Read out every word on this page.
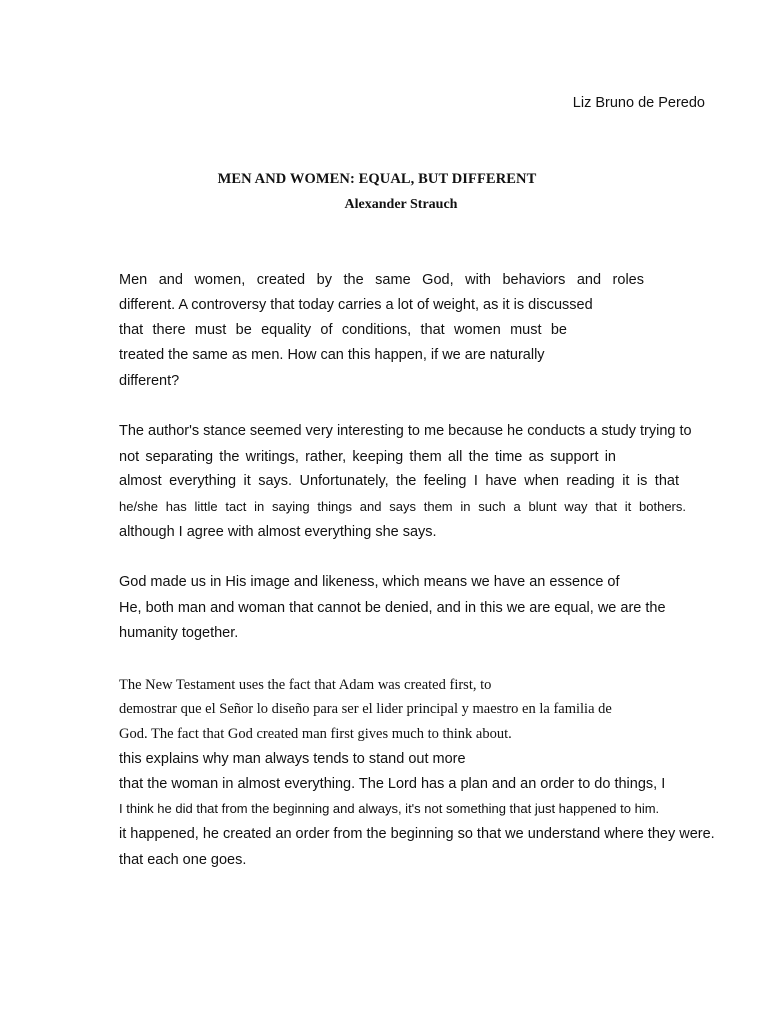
Liz Bruno de Peredo
MEN AND WOMEN: EQUAL, BUT DIFFERENT
Alexander Strauch
Men and women, created by the same God, with behaviors and roles
different. A controversy that today carries a lot of weight, as it is discussed
that there must be equality of conditions, that women must be
treated the same as men. How can this happen, if we are naturally
different?
The author's stance seemed very interesting to me because he conducts a study trying to
not separating the writings, rather, keeping them all the time as support in
almost everything it says. Unfortunately, the feeling I have when reading it is that
he/she has little tact in saying things and says them in such a blunt way that it bothers.
although I agree with almost everything she says.
God made us in His image and likeness, which means we have an essence of
He, both man and woman that cannot be denied, and in this we are equal, we are the
humanity together.
The New Testament uses the fact that Adam was created first, to
demostrar que el Señor lo diseño para ser el lider principal y maestro en la familia de
God. The fact that God created man first gives much to think about.
this explains why man always tends to stand out more
that the woman in almost everything. The Lord has a plan and an order to do things, I
I think he did that from the beginning and always, it's not something that just happened to him.
it happened, he created an order from the beginning so that we understand where they were.
that each one goes.
